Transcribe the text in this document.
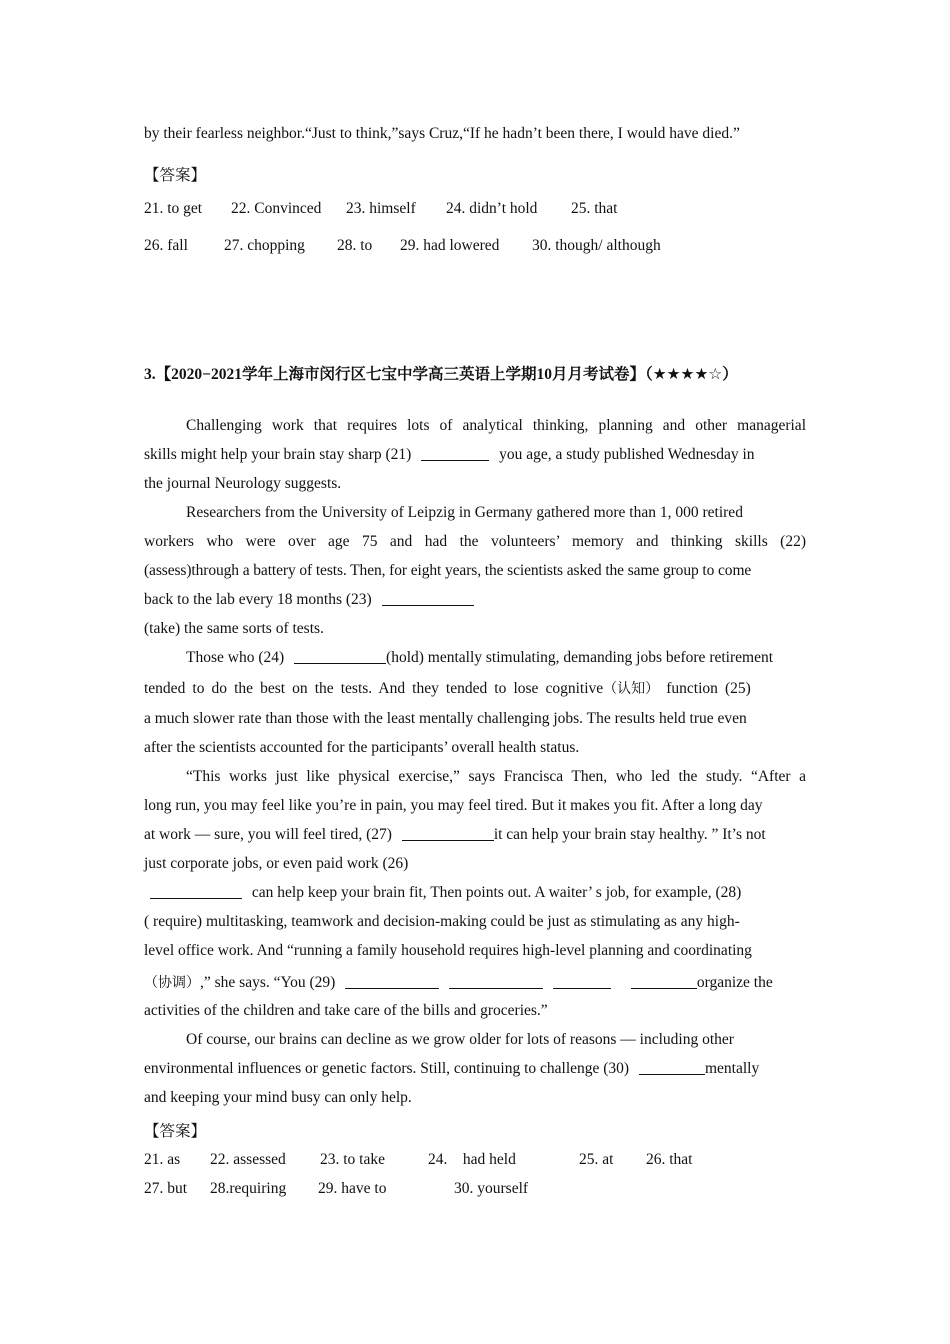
by their fearless neighbor.“Just to think,”says Cruz,“If he hadn’t been there, I would have died.”
【答案】
21. to get 22. Convinced 23. himself 24. didn’t hold 25. that
26. fall 27. chopping 28. to 29. had lowered 30. though/ although
3.【2020−2021学年上海市闵行区七宝中学高三英语上学期10月月考试卷】（★★★★☆）
Challenging work that requires lots of analytical thinking, planning and other managerial
skills might help your brain stay sharp (21)	you age, a study published Wednesday in
the journal Neurology suggests.
Researchers from the University of Leipzig in Germany gathered more than 1, 000 retired
workers who were over age 75 and had the volunteers’ memory and thinking skills (22)
(assess)through a battery of tests. Then, for eight years, the scientists asked the same group to come
back to the lab every 18 months (23)
(take) the same sorts of tests.
Those who (24)	(hold) mentally stimulating, demanding jobs before retirement
tended to do the best on the tests. And they tended to lose cognitive（认知） function (25)
a much slower rate than those with the least mentally challenging jobs. The results held true even
after the scientists accounted for the participants’ overall health status.
“This works just like physical exercise,” says Francisca Then, who led the study. “After a
long run, you may feel like you’re in pain, you may feel tired. But it makes you fit. After a long day
at work — sure, you will feel tired, (27)	it can help your brain stay healthy. ” It’s not
just corporate jobs, or even paid work (26)
can help keep your brain fit, Then points out. A waiter’ s job, for example, (28)
( require) multitasking, teamwork and decision-making could be just as stimulating as any high-
level office work. And “running a family household requires high-level planning and coordinating
（协调）,” she says. “You (29)	organize the
activities of the children and take care of the bills and groceries.”
Of course, our brains can decline as we grow older for lots of reasons — including other
environmental influences or genetic factors. Still, continuing to challenge (30)	mentally
and keeping your mind busy can only help.
【答案】
21. as 22. assessed 23. to take	24.    had held	25. at 26. that
27. but 28.requiring 29. have to	30. yourself
